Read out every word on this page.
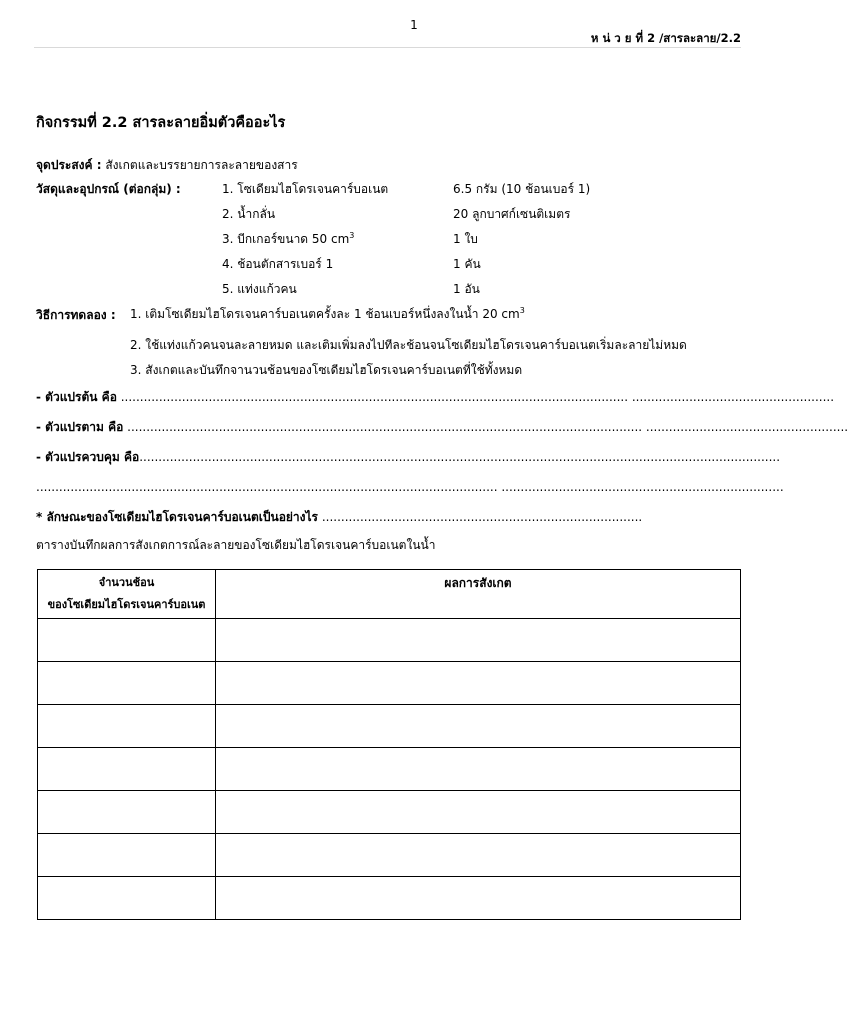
1
ห น่ ว ย ที่ 2 /สารละลาย/2.2
กิจกรรมที่ 2.2 สารละลายอิ่มตัวคืออะไร
จุดประสงค์ : สังเกตและบรรยายการละลายของสาร
วัสดุและอุปกรณ์ (ต่อกลุ่ม) :	1. โซเดียมไฮโดรเจนคาร์บอเนต	6.5 กรัม (10 ช้อนเบอร์ 1)
2. น้ำกลั่น	20 ลูกบาศก์เซนติเมตร
3. บีกเกอร์ขนาด 50 $cm^3$	1 ใบ
4. ช้อนตักสารเบอร์ 1	1 คัน
5. แท่งแก้วคน	1 อัน
วิธีการทดลอง : 1. เติมโซเดียมไฮโดรเจนคาร์บอเนตครั้งละ 1 ช้อนเบอร์หนึ่งลงในน้ำ 20 $cm^3$
2. ใช้แท่งแก้วคนจนละลายหมด และเติมเพิ่มลงไปทีละช้อนจนโซเดียมไฮโดรเจนคาร์บอเนตเริ่มละลายไม่หมด
3. สังเกตและบันทึกจานวนช้อนของโซเดียมไฮโดรเจนคาร์บอเนตที่ใช้ทั้งหมด
- ตัวแปรต้น คือ ..................................................................................................................................... .....................................................
- ตัวแปรตาม คือ ....................................................................................................................................... .....................................................
- ตัวแปรควบคุม คือ........................................................................................................................................................................
......................................................................................................................... ..........................................................................
* ลักษณะของโซเดียมไฮโดรเจนคาร์บอเนตเป็นอย่างไร ....................................................................................
ตารางบันทึกผลการสังเกตการณ์ละลายของโซเดียมไฮโดรเจนคาร์บอเนตในน้ำ
จำนวนช้อน
ของโซเดียมไฮโดรเจนคาร์บอเนต	ผลการสังเกต
